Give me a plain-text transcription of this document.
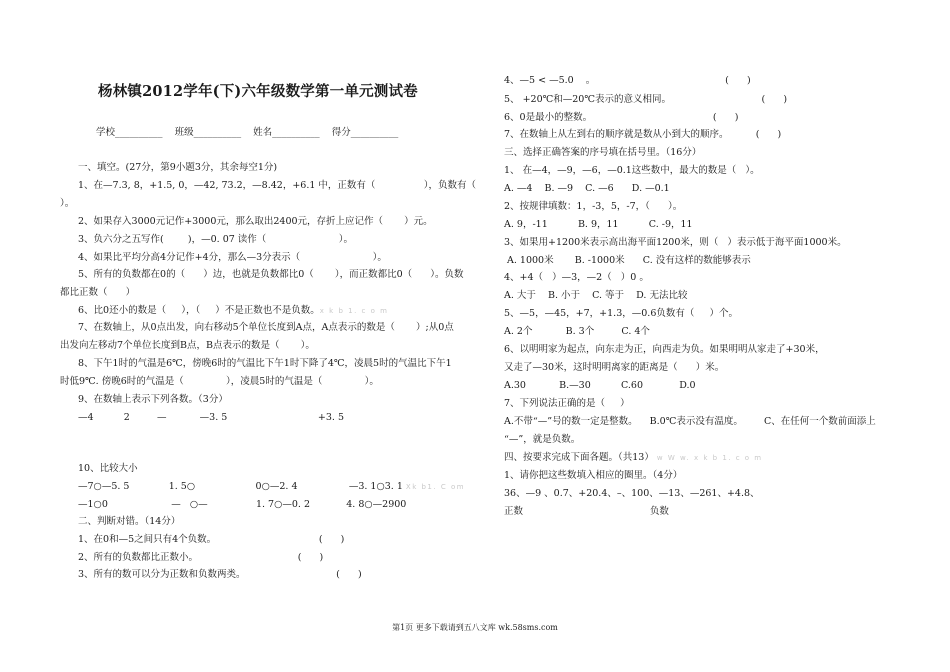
杨林镇2012学年(下)六年级数学第一单元测试卷
学校__________    班级__________    姓名__________    得分__________
一、填空。(27分，第9小题3分，其余每空1分)
1、在—7.3, 8，+1.5, 0，—42, 73.2，—8.42，+6.1 中，正数有（                ），负数有（
）。
2、如果存入3000元记作+3000元，那么取出2400元，存折上应记作（       ）元。
3、负六分之五写作(        )，—0. 07 读作（                        ）。
4、如果比平均分高4分记作+4分，那么—3分表示（                        ）。
5、所有的负数都在0的（      ）边，也就是负数都比0（       ），而正数都比0（      ）。负数
都比正数（      ）
6、比0还小的数是（     ），（     ）不是正数也不是负数。x k b 1. c o m
7、在数轴上，从0点出发，向右移动5个单位长度到A点，A点表示的数是（       ）;从0点
出发向左移动7个单位长度到B点，B点表示的数是（       ）。
8、下午1时的气温是6℃，傍晚6时的气温比下午1时下降了4℃，凌晨5时的气温比下午1
时低9℃. 傍晚6时的气温是（              ），凌晨5时的气温是（              ）。
9、在数轴上表示下列各数。（3分）
—4          2         —           —3. 5                              +3. 5
10、比较大小
—7○—5. 5             1. 5○                    0○—2. 4                 —3. 1○3. 1 Xk b1. C om
—1○0                     —   ○—                1. 7○—0. 2            4. 8○—2900
二、判断对错。（14分）
1、在0和—5之间只有4个负数。                                  (      )
2、所有的负数都比正数小。                                 (      )
3、所有的数可以分为正数和负数两类。                              (      )
4、—5 < —5.0    。                                           (      )
5、 +20℃和—20℃表示的意义相同。                              (      )
6、0是最小的整数。                                        (      )
7、在数轴上从左到右的顺序就是数从小到大的顺序。         (      )
三、选择正确答案的序号填在括号里。（16分）
1、 在—4，—9，—6，—0.1这些数中，最大的数是（   ）。
A. —4    B. —9    C. —6      D. —0.1
2、按规律填数：1，-3，5，-7，（      ）。
A. 9，-11          B. 9，11          C. -9，11
3、如果用+1200米表示高出海平面1200米，则（   ）表示低于海平面1000米。
A. 1000米       B. -1000米      C. 没有这样的数能够表示
4、+4（   ）—3，—2（   ）0 。
A. 大于    B. 小于    C. 等于    D. 无法比较
5、—5，—45，+7，+1.3，—0.6负数有（     ）个。
A. 2个           B. 3个         C. 4个
6、以明明家为起点，向东走为正，向西走为负。如果明明从家走了+30米，
又走了—30米，这时明明离家的距离是（      ）米。
A.30           B.—30          C.60            D.0
7、下列说法正确的是（     ）
A.不带“—”号的数一定是整数。    B.0℃表示没有温度。       C、在任何一个数前面添上
“—”，就是负数。
四、按要求完成下面各题。（共13） w W w. x k b 1. c o m
1、请你把这些数填入相应的圈里。（4分）
36、—9 、0.7、+20.4、–、100、—13、—261、+4.8、
正数                                          负数
第1页 更多下载请到五八文库 wk.58sms.com
